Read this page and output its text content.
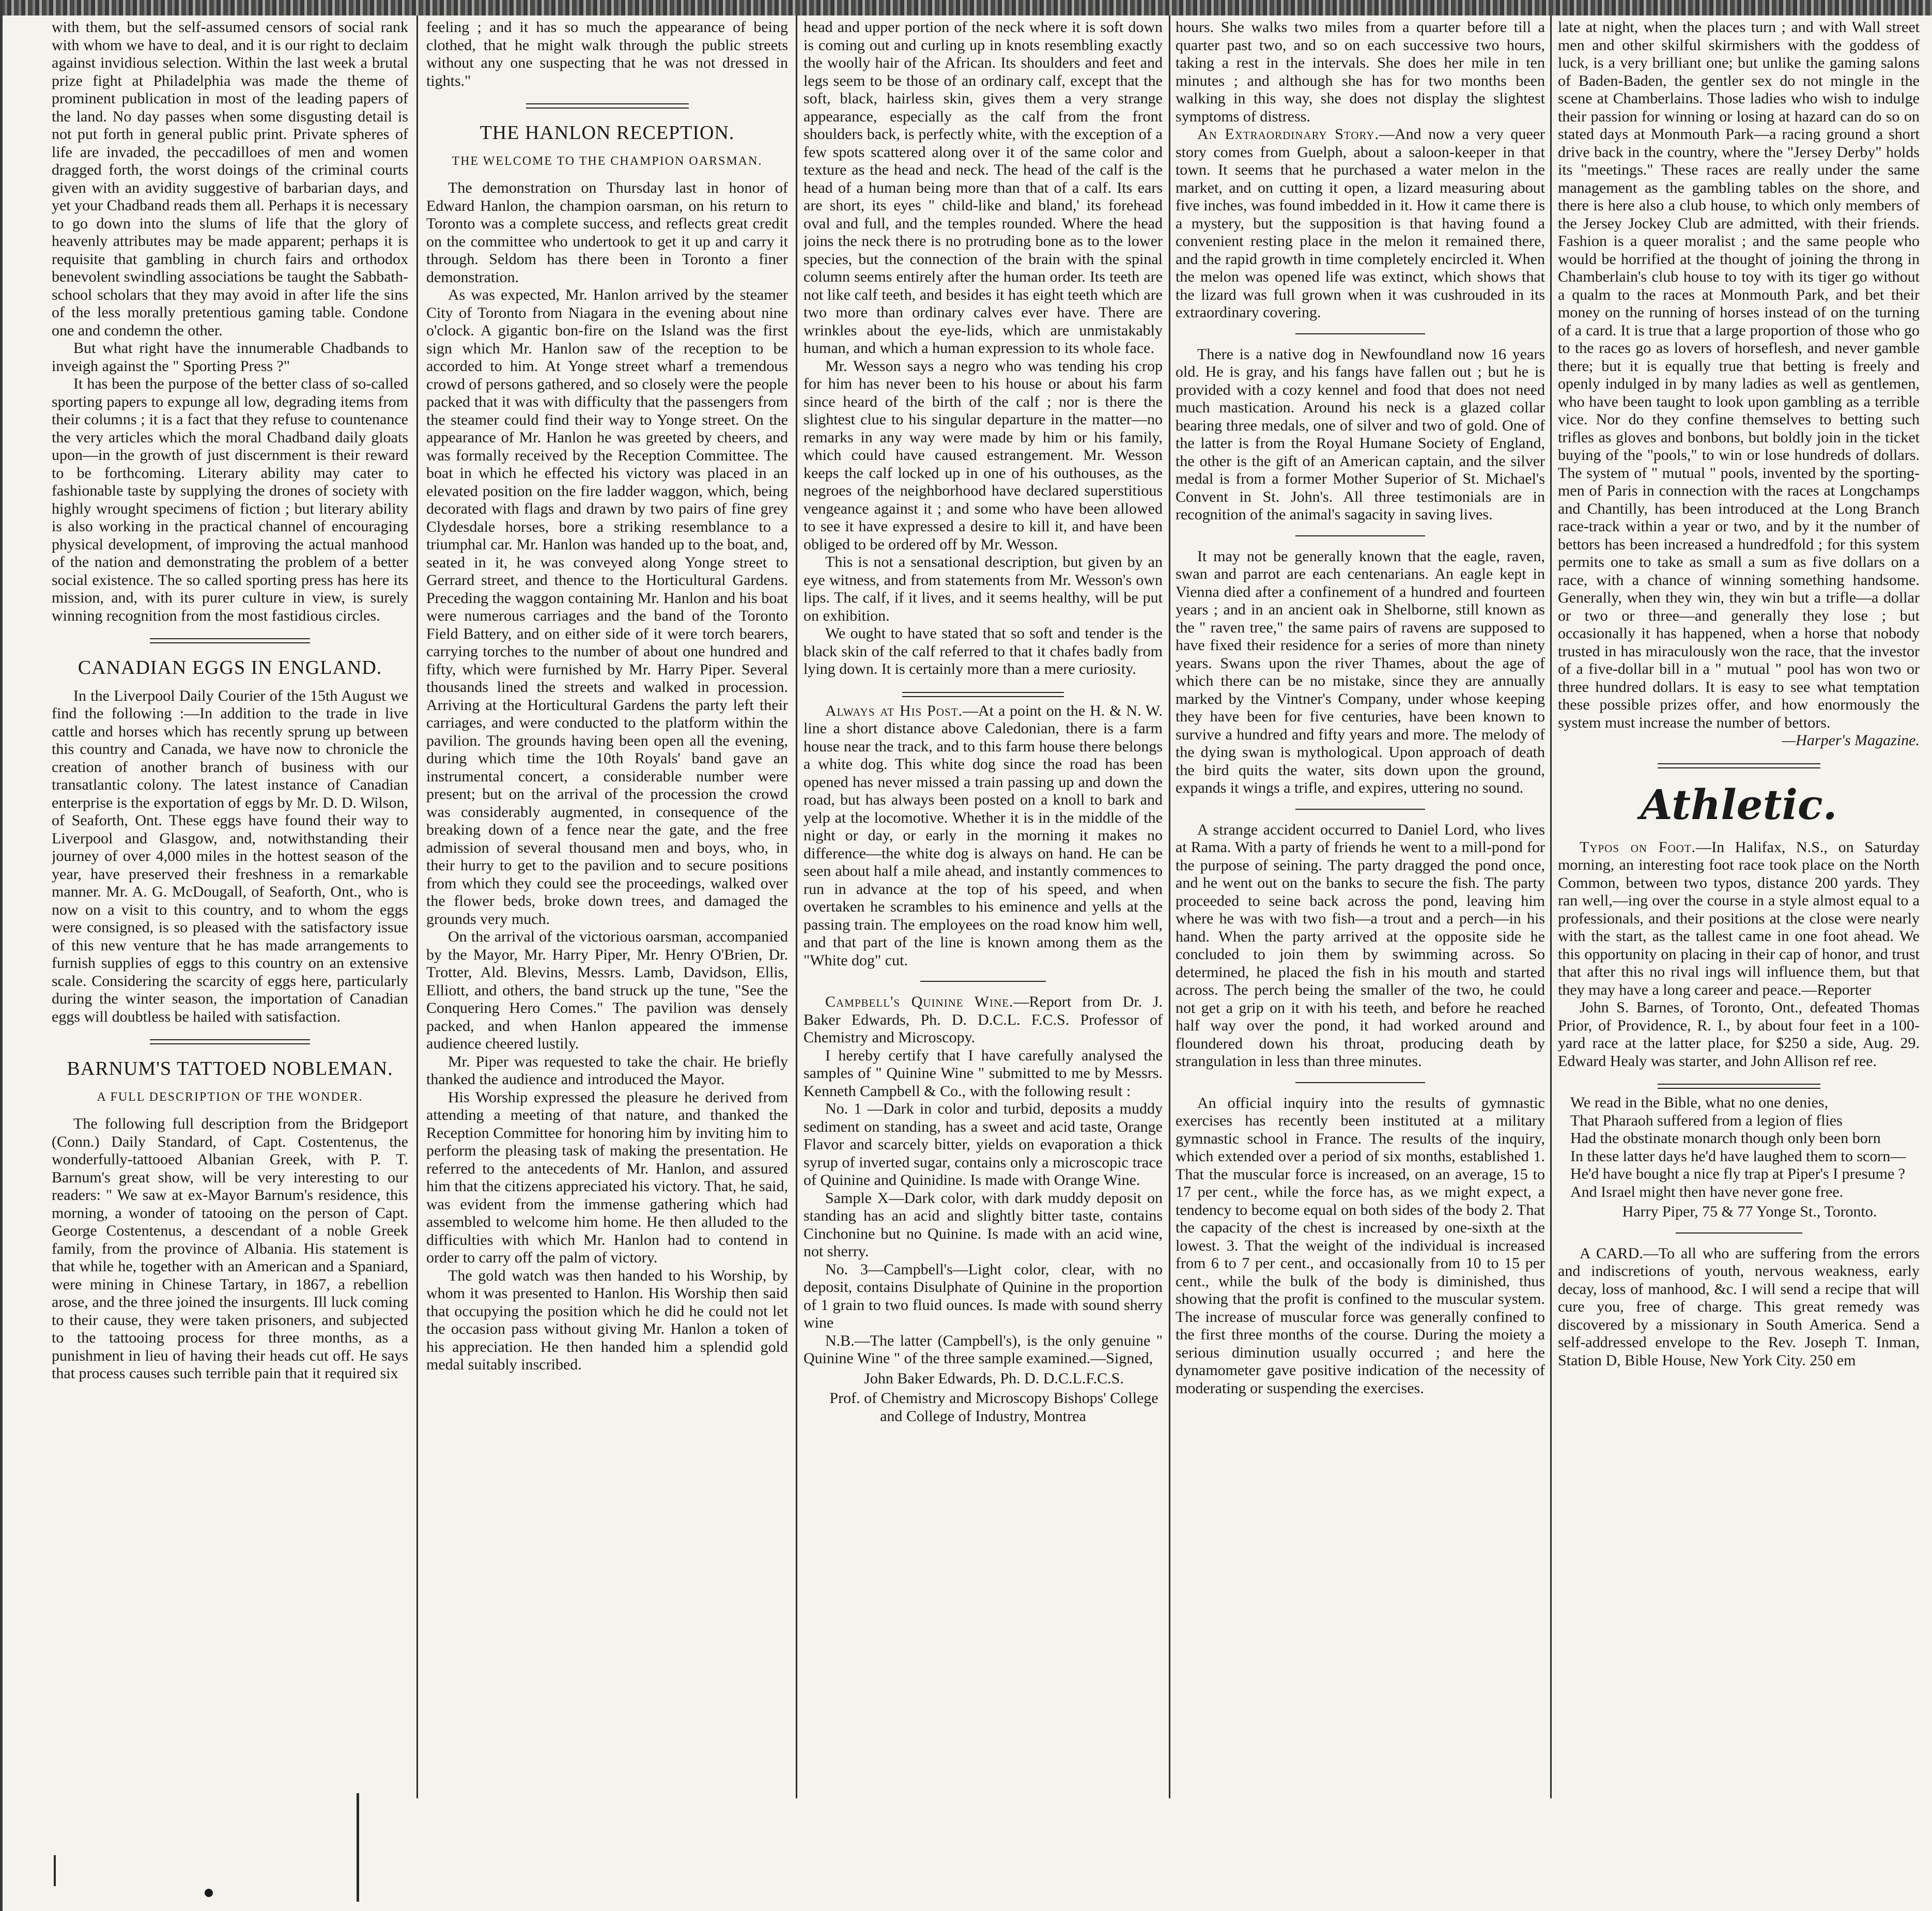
with them, but the self-assumed censors of social rank with whom we have to deal, and it is our right to declaim against invidious selection. Within the last week a brutal prize fight at Philadelphia was made the theme of prominent publication in most of the leading papers of the land. No day passes when some disgusting detail is not put forth in general public print. Private spheres of life are invaded, the peccadilloes of men and women dragged forth, the worst doings of the criminal courts given with an avidity suggestive of barbarian days, and yet your Chadband reads them all. Perhaps it is necessary to go down into the slums of life that the glory of heavenly attributes may be made apparent; perhaps it is requisite that gambling in church fairs and orthodox benevolent swindling associations be taught the Sabbath-school scholars that they may avoid in after life the sins of the less morally pretentious gaming table. Condone one and condemn the other.

But what right have the innumerable Chadbands to inveigh against the " Sporting Press ?"

It has been the purpose of the better class of so-called sporting papers to expunge all low, degrading items from their columns ; it is a fact that they refuse to countenance the very articles which the moral Chadband daily gloats upon—in the growth of just discernment is their reward to be forthcoming. Literary ability may cater to fashionable taste by supplying the drones of society with highly wrought specimens of fiction ; but literary ability is also working in the practical channel of encouraging physical development, of improving the actual manhood of the nation and demonstrating the problem of a better social existence. The so called sporting press has here its mission, and, with its purer culture in view, is surely winning recognition from the most fastidious circles.

CANADIAN EGGS IN ENGLAND.

In the Liverpool Daily Courier of the 15th August we find the following :—In addition to the trade in live cattle and horses which has recently sprung up between this country and Canada, we have now to chronicle the creation of another branch of business with our transatlantic colony. The latest instance of Canadian enterprise is the exportation of eggs by Mr. D. D. Wilson, of Seaforth, Ont. These eggs have found their way to Liverpool and Glasgow, and, notwithstanding their journey of over 4,000 miles in the hottest season of the year, have preserved their freshness in a remarkable manner. Mr. A. G. McDougall, of Seaforth, Ont., who is now on a visit to this country, and to whom the eggs were consigned, is so pleased with the satisfactory issue of this new venture that he has made arrangements to furnish supplies of eggs to this country on an extensive scale. Considering the scarcity of eggs here, particularly during the winter season, the importation of Canadian eggs will doubtless be hailed with satisfaction.

BARNUM'S TATTOED NOBLEMAN.
A FULL DESCRIPTION OF THE WONDER.

The following full description from the Bridgeport (Conn.) Daily Standard, of Capt. Costentenus, the wonderfully-tattooed Albanian Greek, with P. T. Barnum's great show, will be very interesting to our readers: " We saw at ex-Mayor Barnum's residence, this morning, a wonder of tatooing on the person of Capt. George Costentenus, a descendant of a noble Greek family, from the province of Albania. His statement is that while he, together with an American and a Spaniard, were mining in Chinese Tartary, in 1867, a rebellion arose, and the three joined the insurgents. Ill luck coming to their cause, they were taken prisoners, and subjected to the tattooing process for three months, as a punishment in lieu of having their heads cut off. He says that process causes such terrible pain that it required six

feeling ; and it has so much the appearance of being clothed, that he might walk through the public streets without any one suspecting that he was not dressed in tights."

THE HANLON RECEPTION.
THE WELCOME TO THE CHAMPION OARSMAN.

The demonstration on Thursday last in honor of Edward Hanlon, the champion oarsman, on his return to Toronto was a complete success, and reflects great credit on the committee who undertook to get it up and carry it through. Seldom has there been in Toronto a finer demonstration.

As was expected, Mr. Hanlon arrived by the steamer City of Toronto from Niagara in the evening about nine o'clock. A gigantic bon-fire on the Island was the first sign which Mr. Hanlon saw of the reception to be accorded to him. At Yonge street wharf a tremendous crowd of persons gathered, and so closely were the people packed that it was with difficulty that the passengers from the steamer could find their way to Yonge street. On the appearance of Mr. Hanlon he was greeted by cheers, and was formally received by the Reception Committee. The boat in which he effected his victory was placed in an elevated position on the fire ladder waggon, which, being decorated with flags and drawn by two pairs of fine grey Clydesdale horses, bore a striking resemblance to a triumphal car. Mr. Hanlon was handed up to the boat, and, seated in it, he was conveyed along Yonge street to Gerrard street, and thence to the Horticultural Gardens. Preceding the waggon containing Mr. Hanlon and his boat were numerous carriages and the band of the Toronto Field Battery, and on either side of it were torch bearers, carrying torches to the number of about one hundred and fifty, which were furnished by Mr. Harry Piper. Several thousands lined the streets and walked in procession. Arriving at the Horticultural Gardens the party left their carriages, and were conducted to the platform within the pavilion. The grounds having been open all the evening, during which time the 10th Royals' band gave an instrumental concert, a considerable number were present; but on the arrival of the procession the crowd was considerably augmented, in consequence of the breaking down of a fence near the gate, and the free admission of several thousand men and boys, who, in their hurry to get to the pavilion and to secure positions from which they could see the proceedings, walked over the flower beds, broke down trees, and damaged the grounds very much.

On the arrival of the victorious oarsman, accompanied by the Mayor, Mr. Harry Piper, Mr. Henry O'Brien, Dr. Trotter, Ald. Blevins, Messrs. Lamb, Davidson, Ellis, Elliott, and others, the band struck up the tune, "See the Conquering Hero Comes." The pavilion was densely packed, and when Hanlon appeared the immense audience cheered lustily.

Mr. Piper was requested to take the chair. He briefly thanked the audience and introduced the Mayor.

His Worship expressed the pleasure he derived from attending a meeting of that nature, and thanked the Reception Committee for honoring him by inviting him to perform the pleasing task of making the presentation. He referred to the antecedents of Mr. Hanlon, and assured him that the citizens appreciated his victory. That, he said, was evident from the immense gathering which had assembled to welcome him home. He then alluded to the difficulties with which Mr. Hanlon had to contend in order to carry off the palm of victory.

The gold watch was then handed to his Worship, by whom it was presented to Hanlon. His Worship then said that occupying the position which he did he could not let the occasion pass without giving Mr. Hanlon a token of his appreciation. He then handed him a splendid gold medal suitably inscribed.

head and upper portion of the neck where it is soft down is coming out and curling up in knots resembling exactly the woolly hair of the African. Its shoulders and feet and legs seem to be those of an ordinary calf, except that the soft, black, hairless skin, gives them a very strange appearance, especially as the calf from the front shoulders back, is perfectly white, with the exception of a few spots scattered along over it of the same color and texture as the head and neck. The head of the calf is the head of a human being more than that of a calf. Its ears are short, its eyes " child-like and bland,' its forehead oval and full, and the temples rounded. Where the head joins the neck there is no protruding bone as to the lower species, but the connection of the brain with the spinal column seems entirely after the human order. Its teeth are not like calf teeth, and besides it has eight teeth which are two more than ordinary calves ever have. There are wrinkles about the eye-lids, which are unmistakably human, and which a human expression to its whole face.

Mr. Wesson says a negro who was tending his crop for him has never been to his house or about his farm since heard of the birth of the calf ; nor is there the slightest clue to his singular departure in the matter—no remarks in any way were made by him or his family, which could have caused estrangement. Mr. Wesson keeps the calf locked up in one of his outhouses, as the negroes of the neighborhood have declared superstitious vengeance against it ; and some who have been allowed to see it have expressed a desire to kill it, and have been obliged to be ordered off by Mr. Wesson.

This is not a sensational description, but given by an eye witness, and from statements from Mr. Wesson's own lips. The calf, if it lives, and it seems healthy, will be put on exhibition.

We ought to have stated that so soft and tender is the black skin of the calf referred to that it chafes badly from lying down. It is certainly more than a mere curiosity.

Always at His Post.—At a point on the H. & N. W. line a short distance above Caledonian, there is a farm house near the track, and to this farm house there belongs a white dog. This white dog since the road has been opened has never missed a train passing up and down the road, but has always been posted on a knoll to bark and yelp at the locomotive. Whether it is in the middle of the night or day, or early in the morning it makes no difference—the white dog is always on hand. He can be seen about half a mile ahead, and instantly commences to run in advance at the top of his speed, and when overtaken he scrambles to his eminence and yells at the passing train. The employees on the road know him well, and that part of the line is known among them as the "White dog" cut.

Campbell's Quinine Wine.—Report from Dr. J. Baker Edwards, Ph. D. D.C.L. F.C.S. Professor of Chemistry and Microscopy.

I hereby certify that I have carefully analysed the samples of " Quinine Wine " submitted to me by Messrs. Kenneth Campbell & Co., with the following result :

No. 1 —Dark in color and turbid, deposits a muddy sediment on standing, has a sweet and acid taste, Orange Flavor and scarcely bitter, yields on evaporation a thick syrup of inverted sugar, contains only a microscopic trace of Quinine and Quinidine. Is made with Orange Wine.

Sample X—Dark color, with dark muddy deposit on standing has an acid and slightly bitter taste, contains Cinchonine but no Quinine. Is made with an acid wine, not sherry.

No. 3—Campbell's—Light color, clear, with no deposit, contains Disulphate of Quinine in the proportion of 1 grain to two fluid ounces. Is made with sound sherry wine

N.B.—The latter (Campbell's), is the only genuine " Quinine Wine " of the three sample examined.—Signed,

John Baker Edwards, Ph. D. D.C.L.F.C.S.

Prof. of Chemistry and Microscopy Bishops' College and College of Industry, Montrea

hours. She walks two miles from a quarter before till a quarter past two, and so on each successive two hours, taking a rest in the intervals. She does her mile in ten minutes ; and although she has for two months been walking in this way, she does not display the slightest symptoms of distress.

An Extraordinary Story.—And now a very queer story comes from Guelph, about a saloon-keeper in that town. It seems that he purchased a water melon in the market, and on cutting it open, a lizard measuring about five inches, was found imbedded in it. How it came there is a mystery, but the supposition is that having found a convenient resting place in the melon it remained there, and the rapid growth in time completely encircled it. When the melon was opened life was extinct, which shows that the lizard was full grown when it was cushrouded in its extraordinary covering.

There is a native dog in Newfoundland now 16 years old. He is gray, and his fangs have fallen out ; but he is provided with a cozy kennel and food that does not need much mastication. Around his neck is a glazed collar bearing three medals, one of silver and two of gold. One of the latter is from the Royal Humane Society of England, the other is the gift of an American captain, and the silver medal is from a former Mother Superior of St. Michael's Convent in St. John's. All three testimonials are in recognition of the animal's sagacity in saving lives.

It may not be generally known that the eagle, raven, swan and parrot are each centenarians. An eagle kept in Vienna died after a confinement of a hundred and fourteen years ; and in an ancient oak in Shelborne, still known as the " raven tree," the same pairs of ravens are supposed to have fixed their residence for a series of more than ninety years. Swans upon the river Thames, about the age of which there can be no mistake, since they are annually marked by the Vintner's Company, under whose keeping they have been for five centuries, have been known to survive a hundred and fifty years and more. The melody of the dying swan is mythological. Upon approach of death the bird quits the water, sits down upon the ground, expands it wings a trifle, and expires, uttering no sound.

A strange accident occurred to Daniel Lord, who lives at Rama. With a party of friends he went to a mill-pond for the purpose of seining. The party dragged the pond once, and he went out on the banks to secure the fish. The party proceeded to seine back across the pond, leaving him where he was with two fish—a trout and a perch—in his hand. When the party arrived at the opposite side he concluded to join them by swimming across. So determined, he placed the fish in his mouth and started across. The perch being the smaller of the two, he could not get a grip on it with his teeth, and before he reached half way over the pond, it had worked around and floundered down his throat, producing death by strangulation in less than three minutes.

An official inquiry into the results of gymnastic exercises has recently been instituted at a military gymnastic school in France. The results of the inquiry, which extended over a period of six months, established 1. That the muscular force is increased, on an average, 15 to 17 per cent., while the force has, as we might expect, a tendency to become equal on both sides of the body 2. That the capacity of the chest is increased by one-sixth at the lowest. 3. That the weight of the individual is increased from 6 to 7 per cent., and occasionally from 10 to 15 per cent., while the bulk of the body is diminished, thus showing that the profit is confined to the muscular system. The increase of muscular force was generally confined to the first three months of the course. During the moiety a serious diminution usually occurred ; and here the dynamometer gave positive indication of the necessity of moderating or suspending the exercises.

late at night, when the places turn ; and with Wall street men and other skilful skirmishers with the goddess of luck, is a very brilliant one; but unlike the gaming salons of Baden-Baden, the gentler sex do not mingle in the scene at Chamberlains. Those ladies who wish to indulge their passion for winning or losing at hazard can do so on stated days at Monmouth Park—a racing ground a short drive back in the country, where the "Jersey Derby" holds its "meetings." These races are really under the same management as the gambling tables on the shore, and there is here also a club house, to which only members of the Jersey Jockey Club are admitted, with their friends. Fashion is a queer moralist ; and the same people who would be horrified at the thought of joining the throng in Chamberlain's club house to toy with its tiger go without a qualm to the races at Monmouth Park, and bet their money on the running of horses instead of on the turning of a card. It is true that a large proportion of those who go to the races go as lovers of horseflesh, and never gamble there; but it is equally true that betting is freely and openly indulged in by many ladies as well as gentlemen, who have been taught to look upon gambling as a terrible vice. Nor do they confine themselves to betting such trifles as gloves and bonbons, but boldly join in the ticket buying of the "pools," to win or lose hundreds of dollars. The system of " mutual " pools, invented by the sporting-men of Paris in connection with the races at Longchamps and Chantilly, has been introduced at the Long Branch race-track within a year or two, and by it the number of bettors has been increased a hundredfold ; for this system permits one to take as small a sum as five dollars on a race, with a chance of winning something handsome. Generally, when they win, they win but a trifle—a dollar or two or three—and generally they lose ; but occasionally it has happened, when a horse that nobody trusted in has miraculously won the race, that the investor of a five-dollar bill in a " mutual " pool has won two or three hundred dollars. It is easy to see what temptation these possible prizes offer, and how enormously the system must increase the number of bettors.

—Harper's Magazine.

Athletic.

Typos on Foot.—In Halifax, N.S., on Saturday morning, an interesting foot race took place on the North Common, between two typos, distance 200 yards. They ran well,—ing over the course in a style almost equal to a professionals, and their positions at the close were nearly with the start, as the tallest came in one foot ahead. We this opportunity on placing in their cap of honor, and trust that after this no rival ings will influence them, but that they may have a long career and peace.—Reporter

John S. Barnes, of Toronto, Ont., defeated Thomas Prior, of Providence, R. I., by about four feet in a 100-yard race at the latter place, for $250 a side, Aug. 29. Edward Healy was starter, and John Allison ref ree.

We read in the Bible, what no one denies,

That Pharaoh suffered from a legion of flies

Had the obstinate monarch though only been born

In these latter days he'd have laughed them to scorn—

He'd have bought a nice fly trap at Piper's I presume ?

And Israel might then have never gone free.

Harry Piper, 75 & 77 Yonge St., Toronto.

A CARD.—To all who are suffering from the errors and indiscretions of youth, nervous weakness, early decay, loss of manhood, &c. I will send a recipe that will cure you, free of charge. This great remedy was discovered by a missionary in South America. Send a self-addressed envelope to the Rev. Joseph T. Inman, Station D, Bible House, New York City. 250 em
